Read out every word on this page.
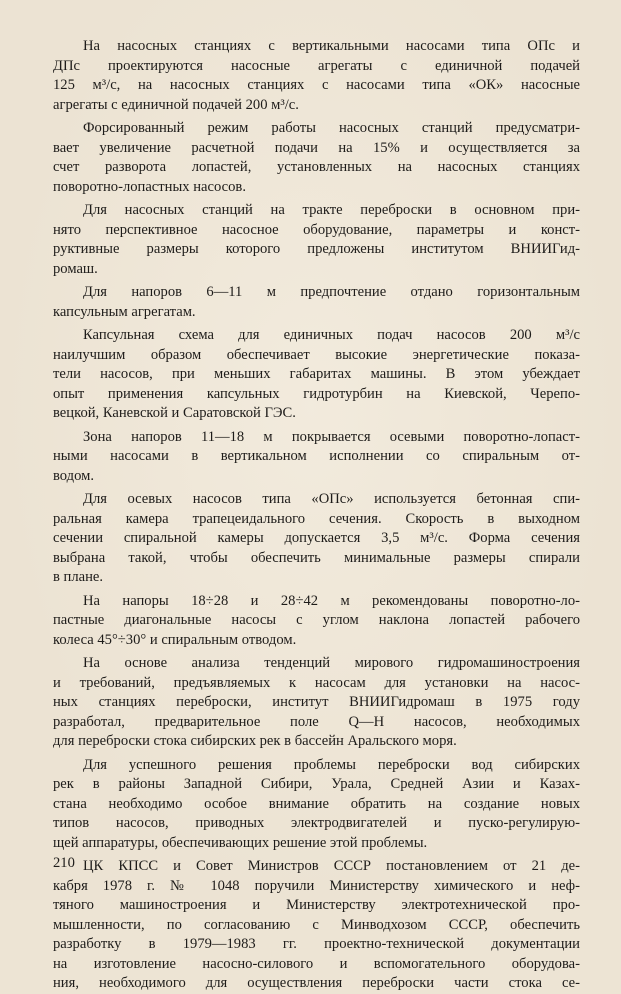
На насосных станциях с вертикальными насосами типа ОПс и
ДПс проектируются насосные агрегаты с единичной подачей
125 м³/с, на насосных станциях с насосами типа «ОК» насосные
агрегаты с единичной подачей 200 м³/с.

Форсированный режим работы насосных станций предусматри-
вает увеличение расчетной подачи на 15% и осуществляется за
счет разворота лопастей, установленных на насосных станциях
поворотно-лопастных насосов.

Для насосных станций на тракте переброски в основном при-
нято перспективное насосное оборудование, параметры и конст-
руктивные размеры которого предложены институтом ВНИИГид-
ромаш.

Для напоров 6—11 м предпочтение отдано горизонтальным
капсульным агрегатам.

Капсульная схема для единичных подач насосов 200 м³/с
наилучшим образом обеспечивает высокие энергетические показа-
тели насосов, при меньших габаритах машины. В этом убеждает
опыт применения капсульных гидротурбин на Киевской, Черепо-
вецкой, Каневской и Саратовской ГЭС.

Зона напоров 11—18 м покрывается осевыми поворотно-лопаст-
ными насосами в вертикальном исполнении со спиральным от-
водом.

Для осевых насосов типа «ОПс» используется бетонная спи-
ральная камера трапецеидального сечения. Скорость в выходном
сечении спиральной камеры допускается 3,5 м³/с. Форма сечения
выбрана такой, чтобы обеспечить минимальные размеры спирали
в плане.

На напоры 18÷28 и 28÷42 м рекомендованы поворотно-ло-
пастные диагональные насосы с углом наклона лопастей рабочего
колеса 45°÷30° и спиральным отводом.

На основе анализа тенденций мирового гидромашиностроения
и требований, предъявляемых к насосам для установки на насос-
ных станциях переброски, институт ВНИИГидромаш в 1975 году
разработал, предварительное поле Q—H насосов, необходимых
для переброски стока сибирских рек в бассейн Аральского моря.

Для успешного решения проблемы переброски вод сибирских
рек в районы Западной Сибири, Урала, Средней Азии и Казах-
стана необходимо особое внимание обратить на создание новых
типов насосов, приводных электродвигателей и пуско-регулирую-
щей аппаратуры, обеспечивающих решение этой проблемы.

ЦК КПСС и Совет Министров СССР постановлением от 21 де-
кабря 1978 г. № 1048 поручили Министерству химического и неф-
тяного машиностроения и Министерству электротехнической про-
мышленности, по согласованию с Минводхозом СССР, обеспечить
разработку в 1979—1983 гг. проектно-технической документации
на изготовление насосно-силового и вспомогательного оборудова-
ния, необходимого для осуществления переброски части стока се-

210
